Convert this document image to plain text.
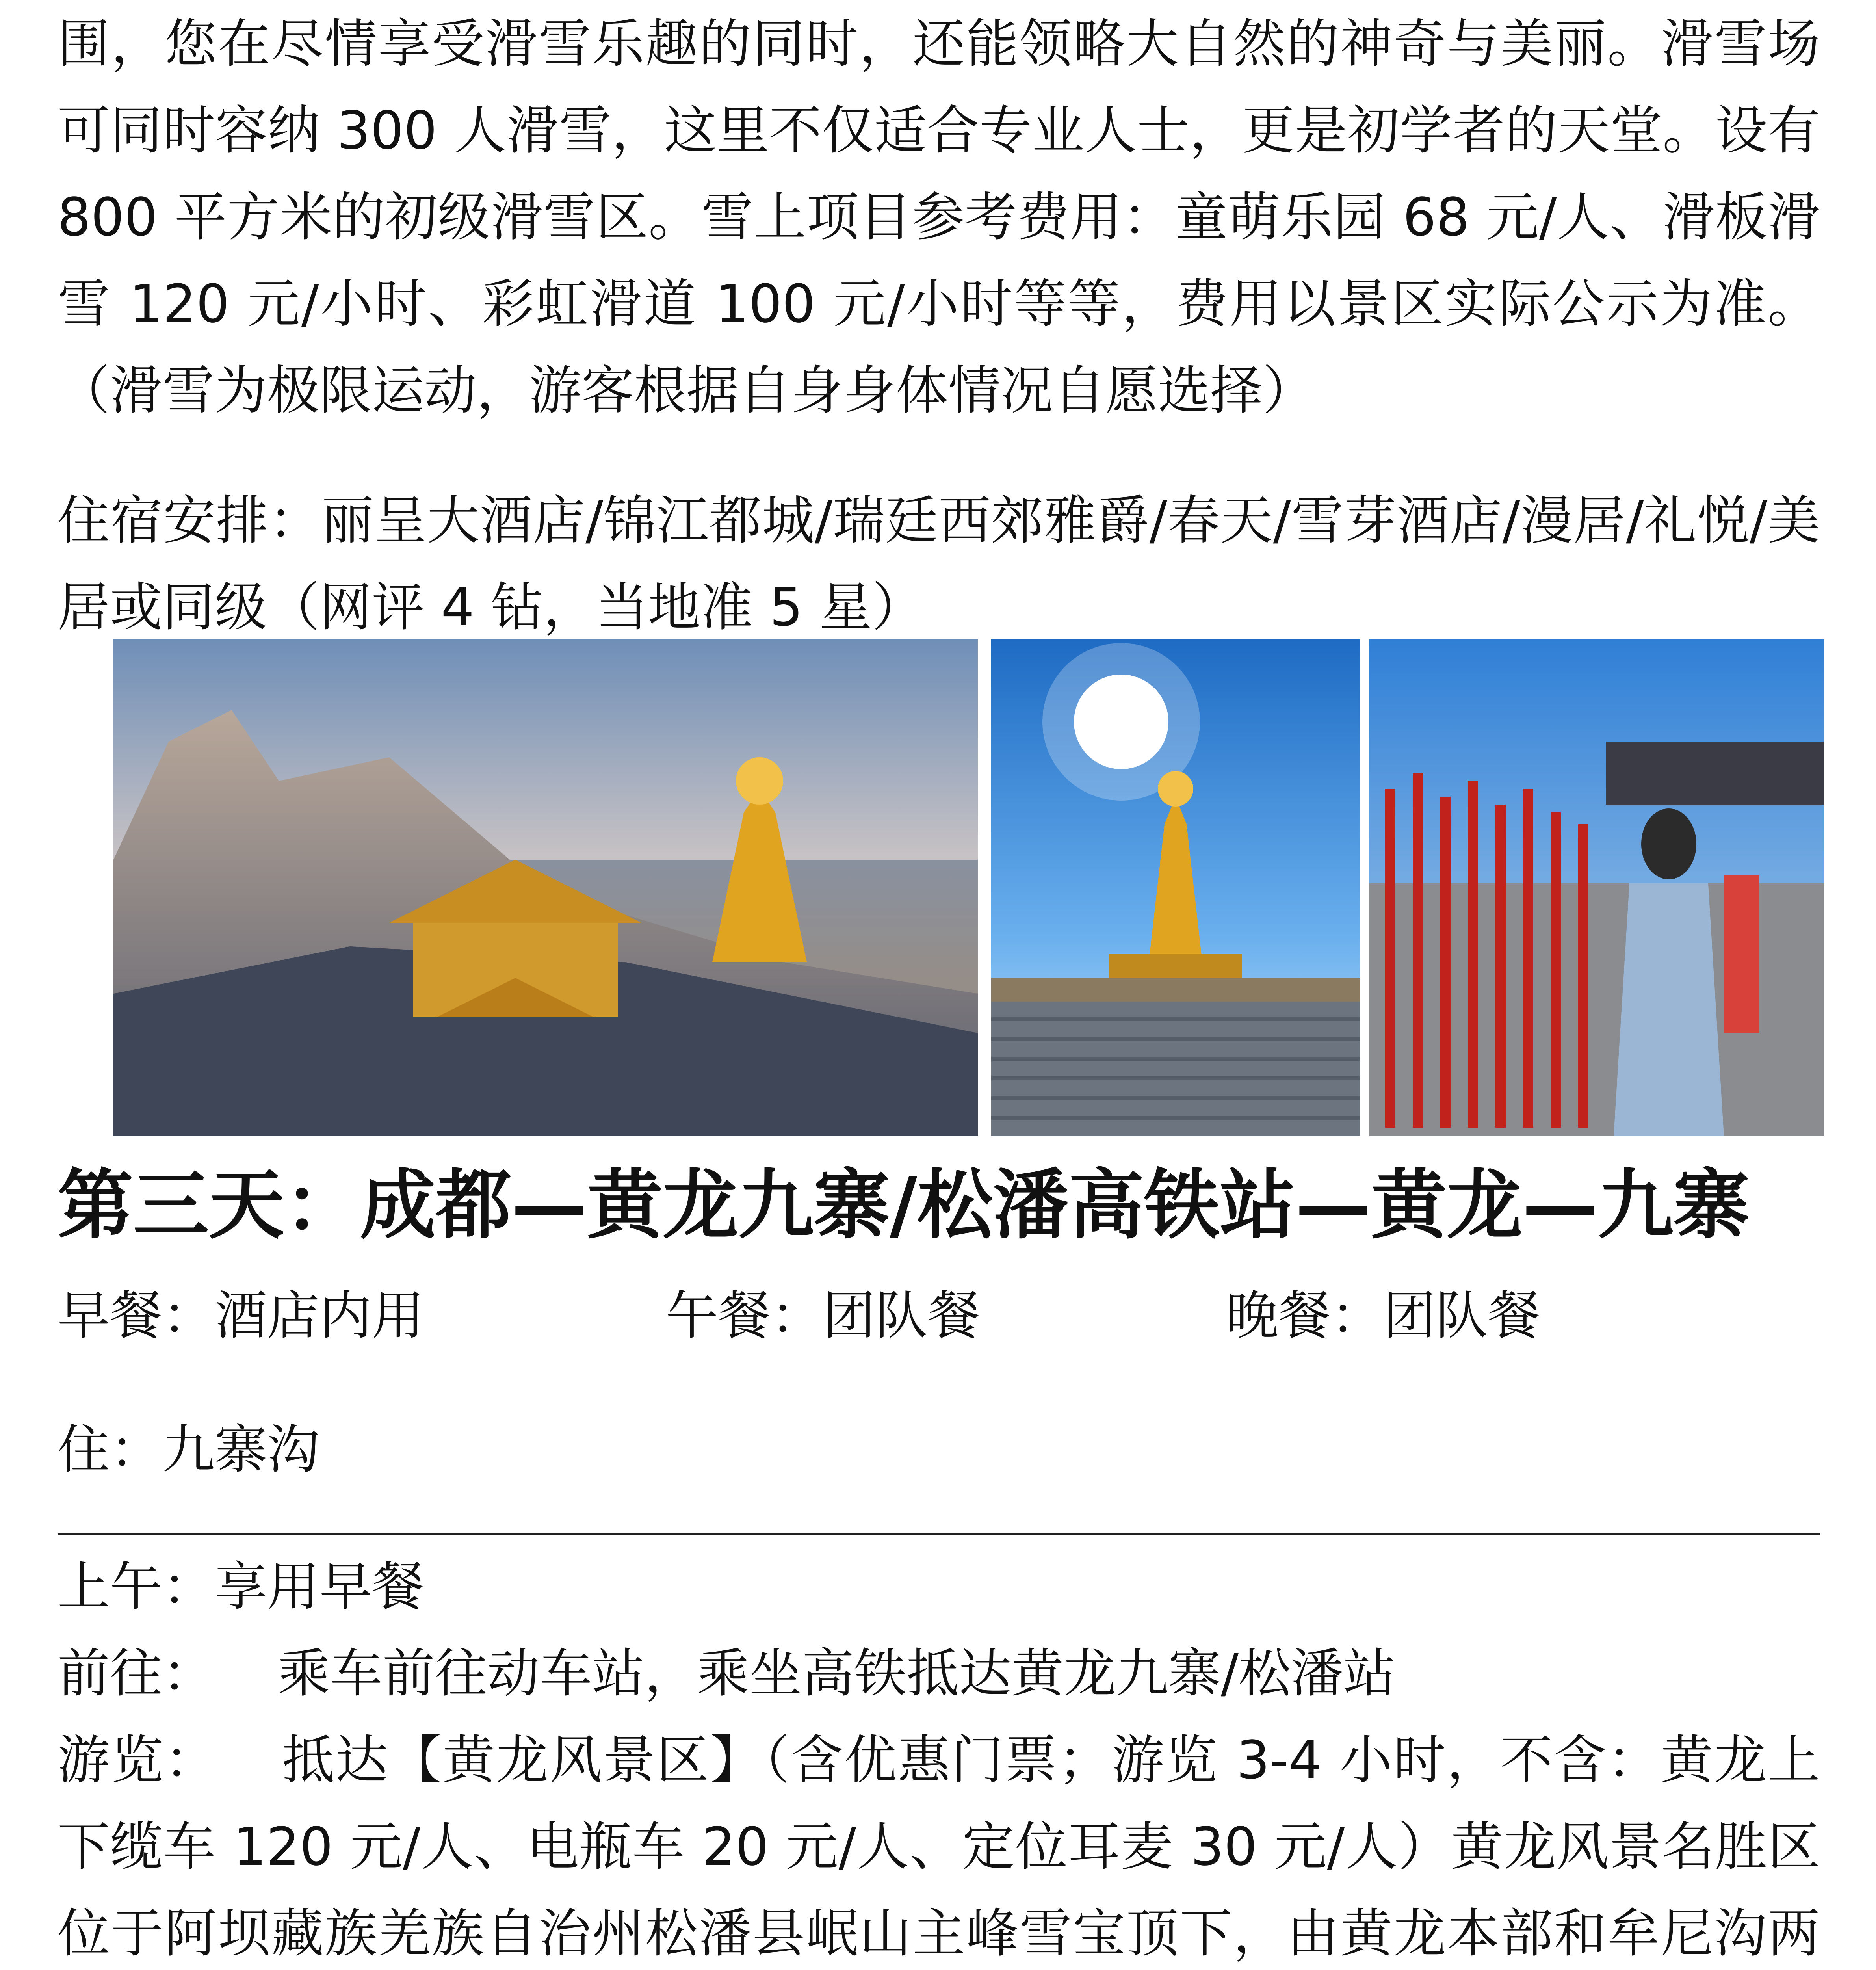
围，您在尽情享受滑雪乐趣的同时，还能领略大自然的神奇与美丽。滑雪场可同时容纳 300 人滑雪，这里不仅适合专业人士，更是初学者的天堂。设有 800 平方米的初级滑雪区。雪上项目参考费用：童萌乐园 68 元/人、滑板滑雪 120 元/小时、彩虹滑道 100 元/小时等等，费用以景区实际公示为准。（滑雪为极限运动，游客根据自身身体情况自愿选择）

住宿安排：丽呈大酒店/锦江都城/瑞廷西郊雅爵/春天/雪芽酒店/漫居/礼悦/美居或同级（网评 4 钻，当地准 5 星）

第三天：成都—黄龙九寨/松潘高铁站—黄龙—九寨
早餐：酒店内用	午餐：团队餐	晚餐：团队餐
住：九寨沟

上午：享用早餐

前往： 乘车前往动车站，乘坐高铁抵达黄龙九寨/松潘站

游览： 抵达【黄龙风景区】（含优惠门票；游览 3-4 小时，不含：黄龙上下缆车 120 元/人、电瓶车 20 元/人、定位耳麦 30 元/人）黄龙风景名胜区位于阿坝藏族羌族自治州松潘县岷山主峰雪宝顶下，由黄龙本部和牟尼沟两
